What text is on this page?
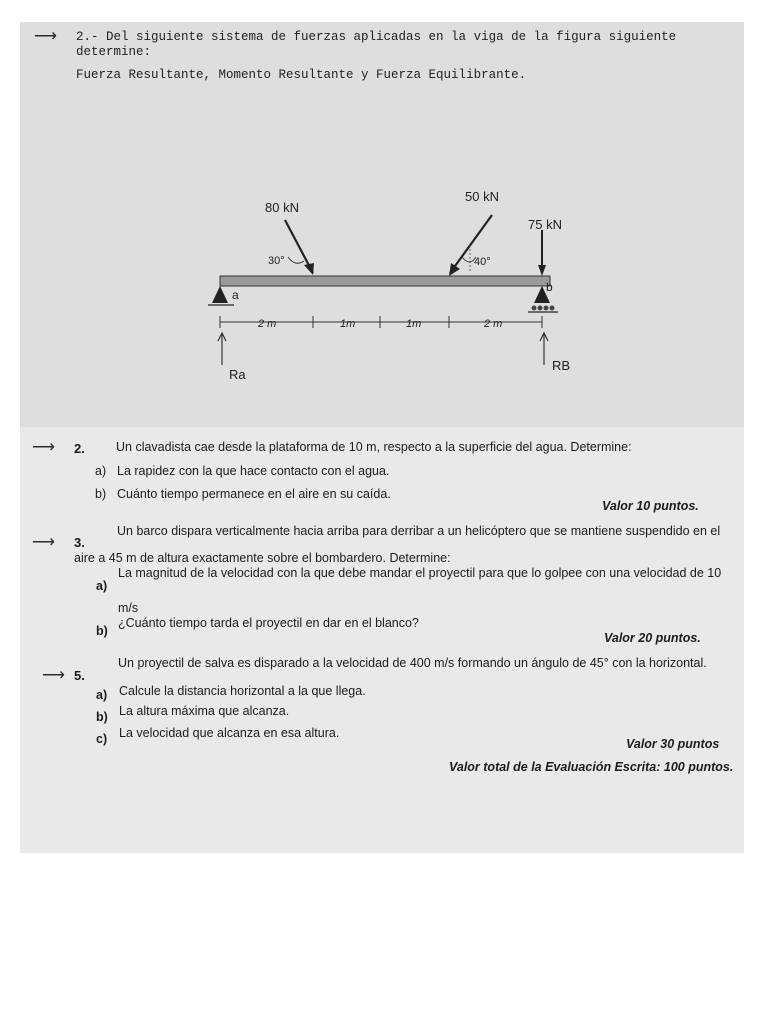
⟶ 2.- Del siguiente sistema de fuerzas aplicadas en la viga de la figura siguiente
determine:
Fuerza Resultante, Momento Resultante y Fuerza Equilibrante.
80 kN
30°
50 kN
40°
75 kN
a
b
2 m	1m	1m	2 m
Ra
RB
⟶ 2. Un clavadista cae desde la plataforma de 10 m, respecto a la superficie del agua. Determine:
a) La rapidez con la que hace contacto con el agua.
b) Cuánto tiempo permanece en el aire en su caída.
Valor 10 puntos.
⟶ 3.
Un barco dispara verticalmente hacia arriba para derribar a un helicóptero que se mantiene suspendido en el
aire a 45 m de altura exactamente sobre el bombardero. Determine:
a)
La magnitud de la velocidad con la que debe mandar el proyectil para que lo golpee con una velocidad de 10
m/s
b)
¿Cuánto tiempo tarda el proyectil en dar en el blanco?
Valor 20 puntos.
⟶ 5.
Un proyectil de salva es disparado a la velocidad de 400 m/s formando un ángulo de 45° con la horizontal.
a) Calcule la distancia horizontal a la que llega.
b) La altura máxima que alcanza.
c) La velocidad que alcanza en esa altura.
Valor 30 puntos
Valor total de la Evaluación Escrita: 100 puntos.
